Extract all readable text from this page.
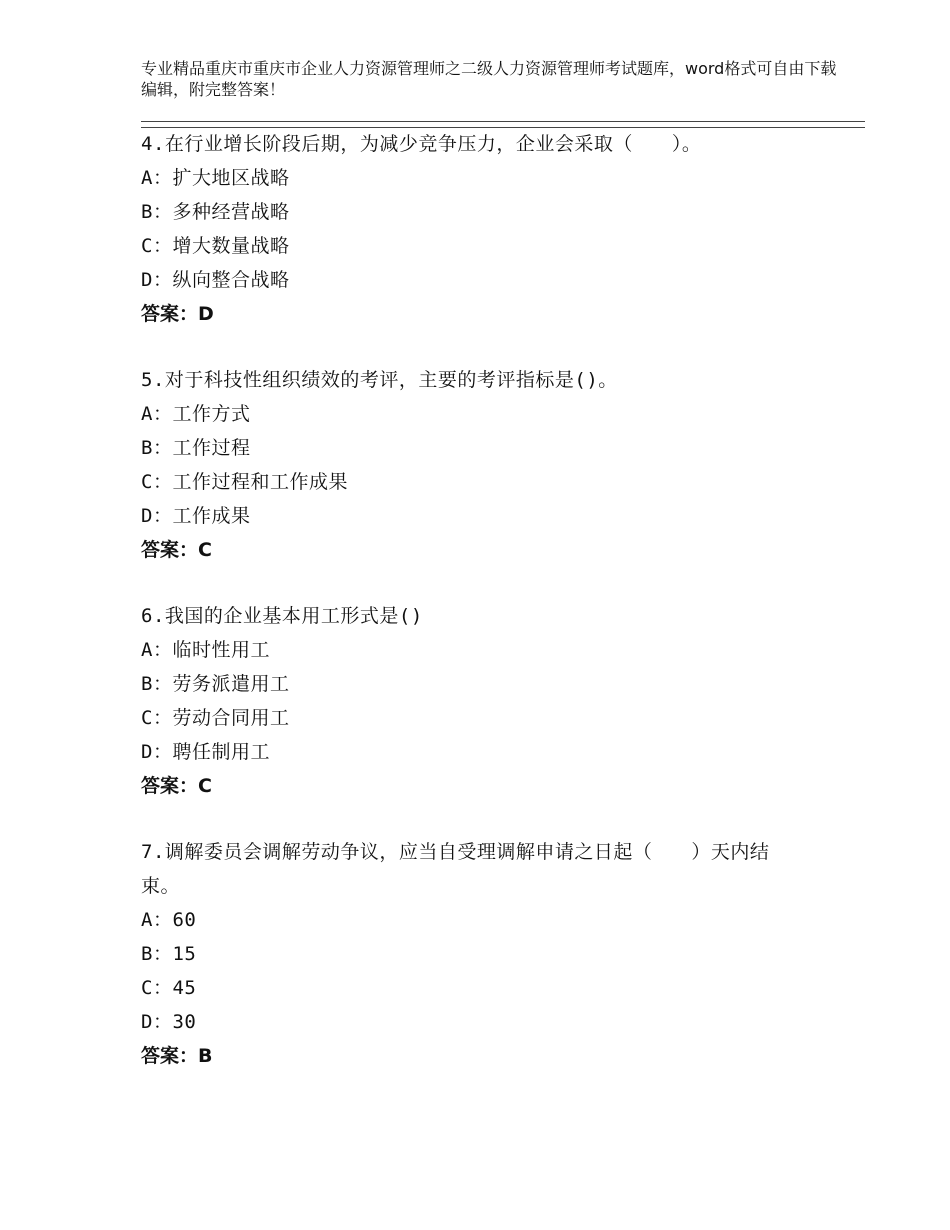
专业精品重庆市重庆市企业人力资源管理师之二级人力资源管理师考试题库，word格式可自由下载编辑，附完整答案！
4.在行业增长阶段后期，为减少竞争压力，企业会采取（　　）。
A：扩大地区战略
B：多种经营战略
C：增大数量战略
D：纵向整合战略
答案：D
5.对于科技性组织绩效的考评，主要的考评指标是()。
A：工作方式
B：工作过程
C：工作过程和工作成果
D：工作成果
答案：C
6.我国的企业基本用工形式是()
A：临时性用工
B：劳务派遣用工
C：劳动合同用工
D：聘任制用工
答案：C
7.调解委员会调解劳动争议，应当自受理调解申请之日起（　　）天内结束。
A：60
B：15
C：45
D：30
答案：B
